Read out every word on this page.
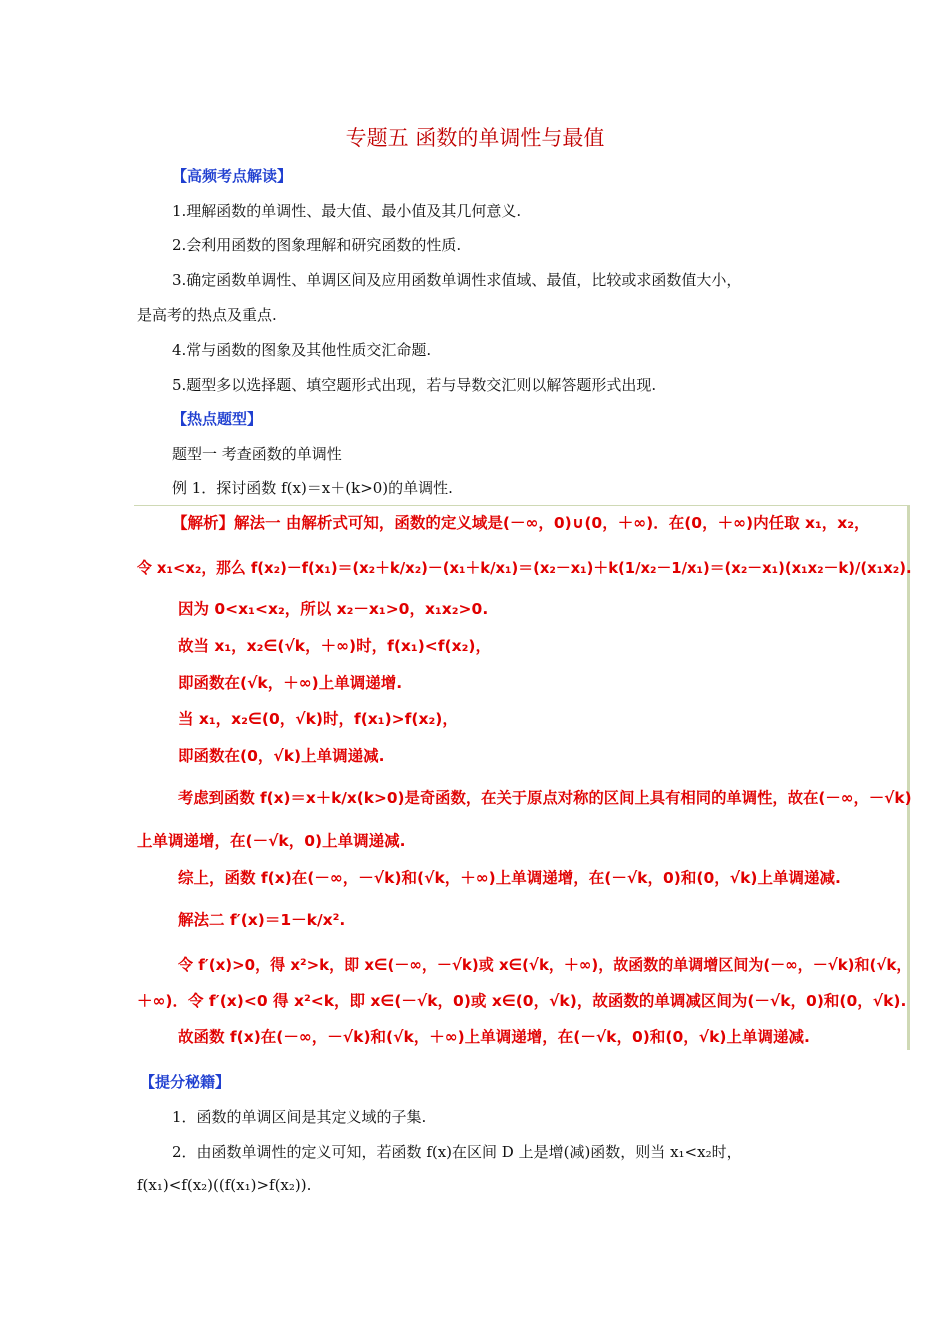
专题五 函数的单调性与最值
【高频考点解读】
1.理解函数的单调性、最大值、最小值及其几何意义.
2.会利用函数的图象理解和研究函数的性质.
3.确定函数单调性、单调区间及应用函数单调性求值域、最值，比较或求函数值大小，
是高考的热点及重点.
4.常与函数的图象及其他性质交汇命题.
5.题型多以选择题、填空题形式出现，若与导数交汇则以解答题形式出现.
【热点题型】
题型一 考查函数的单调性
例 1．探讨函数 f(x)＝x＋(k>0)的单调性.
【解析】解法一 由解析式可知，函数的定义域是(－∞，0)∪(0，＋∞)．在(0，＋∞)内任取 x₁，x₂，
令 x₁<x₂，那么 f(x₂)－f(x₁)＝(x₂＋k/x₂)－(x₁＋k/x₁)＝(x₂－x₁)＋k(1/x₂－1/x₁)＝(x₂－x₁)(x₁x₂－k)/(x₁x₂).
因为 0<x₁<x₂，所以 x₂－x₁>0，x₁x₂>0.
故当 x₁，x₂∈(√k，＋∞)时，f(x₁)<f(x₂)，
即函数在(√k，＋∞)上单调递增.
当 x₁，x₂∈(0，√k)时，f(x₁)>f(x₂)，
即函数在(0，√k)上单调递减.
考虑到函数 f(x)＝x＋k/x(k>0)是奇函数，在关于原点对称的区间上具有相同的单调性，故在(－∞，－√k)
上单调递增，在(－√k，0)上单调递减.
综上，函数 f(x)在(－∞，－√k)和(√k，＋∞)上单调递增，在(－√k，0)和(0，√k)上单调递减.
解法二 f′(x)＝1－k/x².
令 f′(x)>0，得 x²>k，即 x∈(－∞，－√k)或 x∈(√k，＋∞)，故函数的单调增区间为(－∞，－√k)和(√k，
＋∞)．令 f′(x)<0 得 x²<k，即 x∈(－√k，0)或 x∈(0，√k)，故函数的单调减区间为(－√k，0)和(0，√k).
故函数 f(x)在(－∞，－√k)和(√k，＋∞)上单调递增，在(－√k，0)和(0，√k)上单调递减.
【提分秘籍】
1．函数的单调区间是其定义域的子集.
2．由函数单调性的定义可知，若函数 f(x)在区间 D 上是增(减)函数，则当 x₁<x₂时，
f(x₁)<f(x₂)((f(x₁)>f(x₂)).
